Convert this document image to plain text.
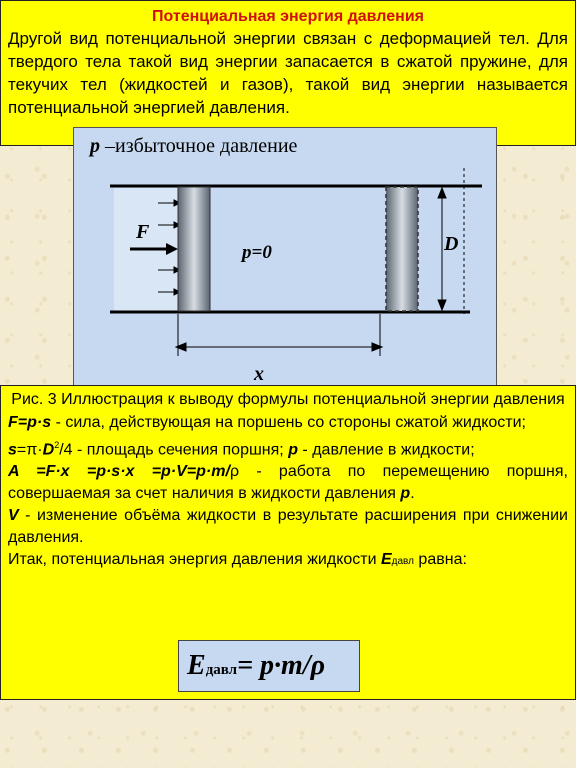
Потенциальная энергия давления

Другой вид потенциальной энергии связан с деформацией тел. Для твердого тела такой вид энергии запасается в сжатой пружине, для текучих тел (жидкостей и газов), такой вид энергии называется потенциальной энергией давления.

p –избыточное давление
F
p=0	D
x

Рис. 3 Иллюстрация к выводу формулы потенциальной энергии давления

F=p·s - сила, действующая на поршень со стороны сжатой жидкости;

$s=\pi\cdot D^2/4$ - площадь сечения поршня; p - давление в жидкости;

A =F·x =p·s·x =p·V=p·m/ρ - работа по перемещению поршня, совершаемая за счет наличия в жидкости давления p.

V - изменение объёма жидкости в результате расширения при снижении давления.

Итак, потенциальная энергия давления жидкости Eдавл равна:

Eдавл= p·m/ρ
